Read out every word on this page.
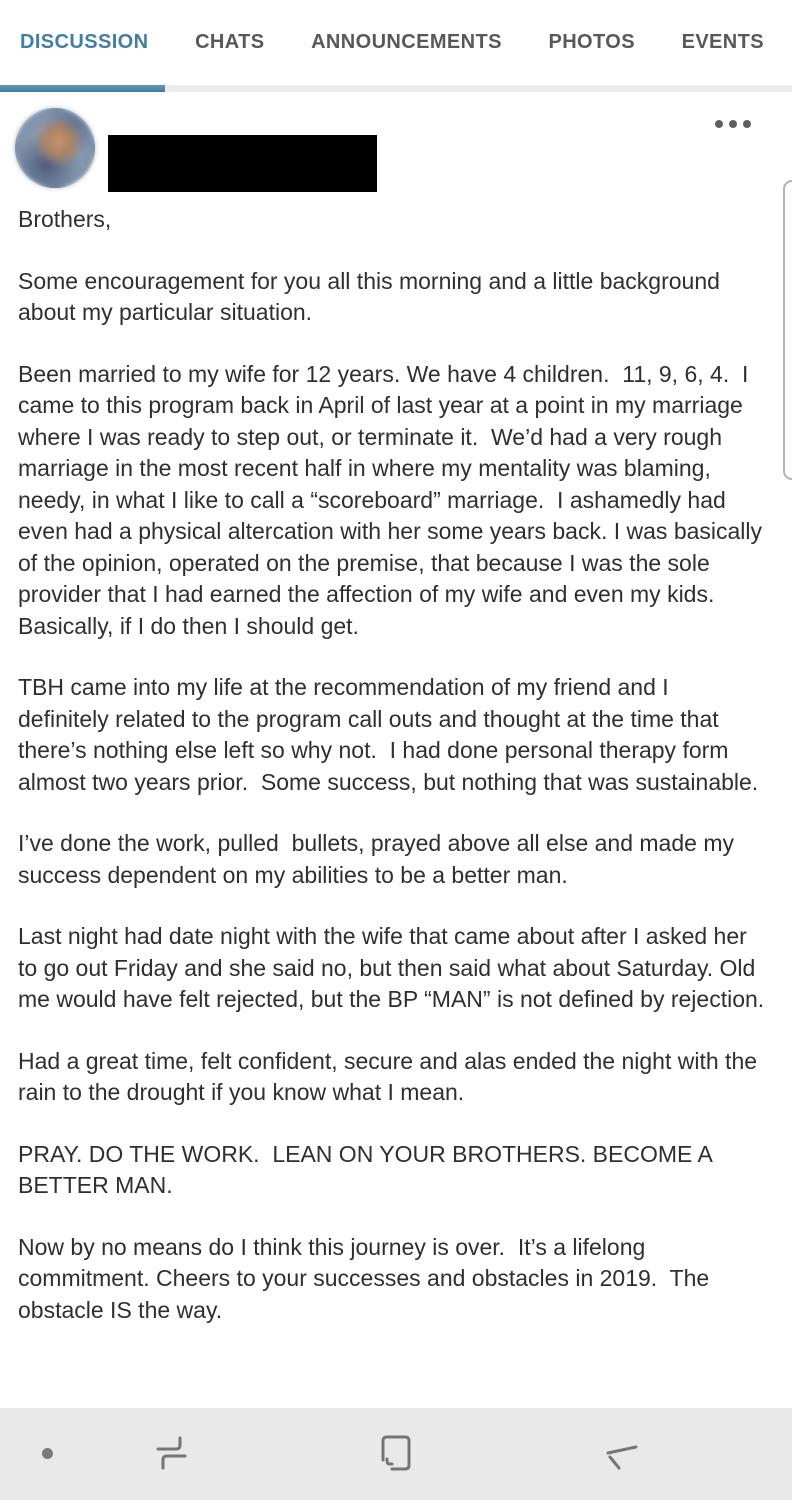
DISCUSSION CHATS ANNOUNCEMENTS PHOTOS EVENTS

Brothers,

Some encouragement for you all this morning and a little background about my particular situation.

Been married to my wife for 12 years. We have 4 children.  11, 9, 6, 4.  I came to this program back in April of last year at a point in my marriage where I was ready to step out, or terminate it.  We’d had a very rough marriage in the most recent half in where my mentality was blaming, needy, in what I like to call a “scoreboard” marriage.  I ashamedly had even had a physical altercation with her some years back. I was basically of the opinion, operated on the premise, that because I was the sole provider that I had earned the affection of my wife and even my kids.  Basically, if I do then I should get.

TBH came into my life at the recommendation of my friend and I definitely related to the program call outs and thought at the time that there’s nothing else left so why not.  I had done personal therapy form almost two years prior.  Some success, but nothing that was sustainable.

I’ve done the work, pulled  bullets, prayed above all else and made my success dependent on my abilities to be a better man.

Last night had date night with the wife that came about after I asked her to go out Friday and she said no, but then said what about Saturday. Old me would have felt rejected, but the BP “MAN” is not defined by rejection.

Had a great time, felt confident, secure and alas ended the night with the rain to the drought if you know what I mean.

PRAY. DO THE WORK.  LEAN ON YOUR BROTHERS. BECOME A BETTER MAN.

Now by no means do I think this journey is over.  It’s a lifelong commitment. Cheers to your successes and obstacles in 2019.  The obstacle IS the way.
